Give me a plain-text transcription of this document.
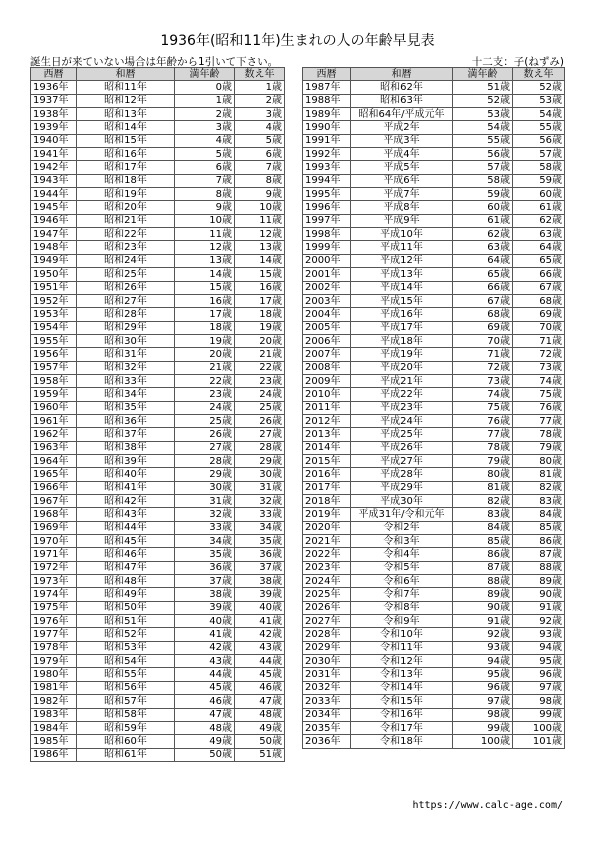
1936年(昭和11年)生まれの人の年齢早見表
誕生日が来ていない場合は年齢から1引いて下さい。	十二支：子(ねずみ)
西暦	和暦	満年齢	数え年
1936年	昭和11年	0歳	1歳
1937年	昭和12年	1歳	2歳
1938年	昭和13年	2歳	3歳
1939年	昭和14年	3歳	4歳
1940年	昭和15年	4歳	5歳
1941年	昭和16年	5歳	6歳
1942年	昭和17年	6歳	7歳
1943年	昭和18年	7歳	8歳
1944年	昭和19年	8歳	9歳
1945年	昭和20年	9歳	10歳
1946年	昭和21年	10歳	11歳
1947年	昭和22年	11歳	12歳
1948年	昭和23年	12歳	13歳
1949年	昭和24年	13歳	14歳
1950年	昭和25年	14歳	15歳
1951年	昭和26年	15歳	16歳
1952年	昭和27年	16歳	17歳
1953年	昭和28年	17歳	18歳
1954年	昭和29年	18歳	19歳
1955年	昭和30年	19歳	20歳
1956年	昭和31年	20歳	21歳
1957年	昭和32年	21歳	22歳
1958年	昭和33年	22歳	23歳
1959年	昭和34年	23歳	24歳
1960年	昭和35年	24歳	25歳
1961年	昭和36年	25歳	26歳
1962年	昭和37年	26歳	27歳
1963年	昭和38年	27歳	28歳
1964年	昭和39年	28歳	29歳
1965年	昭和40年	29歳	30歳
1966年	昭和41年	30歳	31歳
1967年	昭和42年	31歳	32歳
1968年	昭和43年	32歳	33歳
1969年	昭和44年	33歳	34歳
1970年	昭和45年	34歳	35歳
1971年	昭和46年	35歳	36歳
1972年	昭和47年	36歳	37歳
1973年	昭和48年	37歳	38歳
1974年	昭和49年	38歳	39歳
1975年	昭和50年	39歳	40歳
1976年	昭和51年	40歳	41歳
1977年	昭和52年	41歳	42歳
1978年	昭和53年	42歳	43歳
1979年	昭和54年	43歳	44歳
1980年	昭和55年	44歳	45歳
1981年	昭和56年	45歳	46歳
1982年	昭和57年	46歳	47歳
1983年	昭和58年	47歳	48歳
1984年	昭和59年	48歳	49歳
1985年	昭和60年	49歳	50歳
1986年	昭和61年	50歳	51歳
西暦	和暦	満年齢	数え年
1987年	昭和62年	51歳	52歳
1988年	昭和63年	52歳	53歳
1989年	昭和64年/平成元年	53歳	54歳
1990年	平成2年	54歳	55歳
1991年	平成3年	55歳	56歳
1992年	平成4年	56歳	57歳
1993年	平成5年	57歳	58歳
1994年	平成6年	58歳	59歳
1995年	平成7年	59歳	60歳
1996年	平成8年	60歳	61歳
1997年	平成9年	61歳	62歳
1998年	平成10年	62歳	63歳
1999年	平成11年	63歳	64歳
2000年	平成12年	64歳	65歳
2001年	平成13年	65歳	66歳
2002年	平成14年	66歳	67歳
2003年	平成15年	67歳	68歳
2004年	平成16年	68歳	69歳
2005年	平成17年	69歳	70歳
2006年	平成18年	70歳	71歳
2007年	平成19年	71歳	72歳
2008年	平成20年	72歳	73歳
2009年	平成21年	73歳	74歳
2010年	平成22年	74歳	75歳
2011年	平成23年	75歳	76歳
2012年	平成24年	76歳	77歳
2013年	平成25年	77歳	78歳
2014年	平成26年	78歳	79歳
2015年	平成27年	79歳	80歳
2016年	平成28年	80歳	81歳
2017年	平成29年	81歳	82歳
2018年	平成30年	82歳	83歳
2019年	平成31年/令和元年	83歳	84歳
2020年	令和2年	84歳	85歳
2021年	令和3年	85歳	86歳
2022年	令和4年	86歳	87歳
2023年	令和5年	87歳	88歳
2024年	令和6年	88歳	89歳
2025年	令和7年	89歳	90歳
2026年	令和8年	90歳	91歳
2027年	令和9年	91歳	92歳
2028年	令和10年	92歳	93歳
2029年	令和11年	93歳	94歳
2030年	令和12年	94歳	95歳
2031年	令和13年	95歳	96歳
2032年	令和14年	96歳	97歳
2033年	令和15年	97歳	98歳
2034年	令和16年	98歳	99歳
2035年	令和17年	99歳	100歳
2036年	令和18年	100歳	101歳
https://www.calc-age.com/
